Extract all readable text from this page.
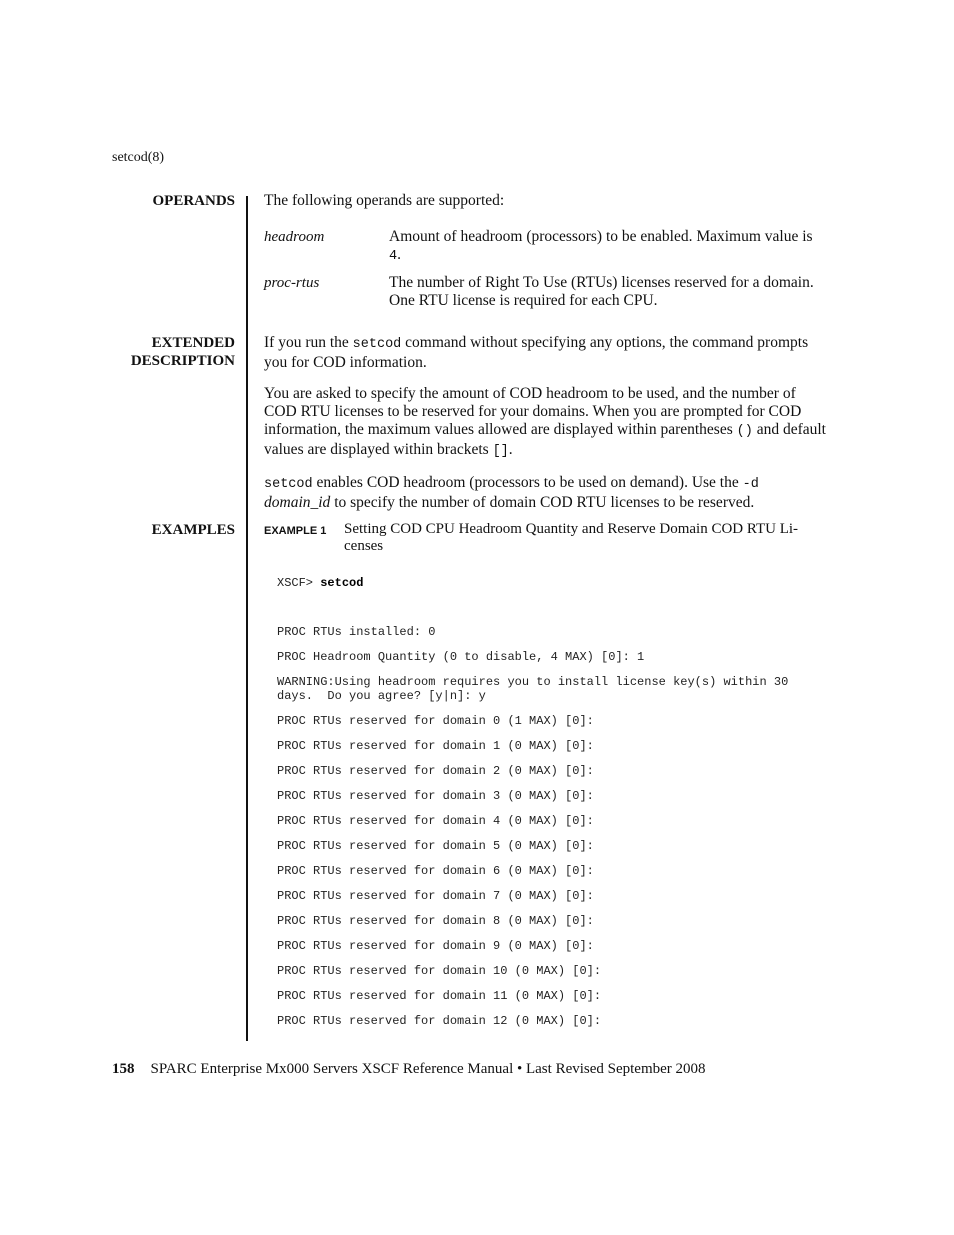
setcod(8)
OPERANDS The following operands are supported:
headroom	Amount of headroom (processors) to be enabled. Maximum value is 4.
proc-rtus	The number of Right To Use (RTUs) licenses reserved for a domain. One RTU license is required for each CPU.
EXTENDED
DESCRIPTION

If you run the setcod command without specifying any options, the command prompts you for COD information.

You are asked to specify the amount of COD headroom to be used, and the number of COD RTU licenses to be reserved for your domains. When you are prompted for COD information, the maximum values allowed are displayed within parentheses () and default values are displayed within brackets [].

setcod enables COD headroom (processors to be used on demand). Use the -d
domain_id to specify the number of domain COD RTU licenses to be reserved.

EXAMPLES	EXAMPLE 1 Setting COD CPU Headroom Quantity and Reserve Domain COD RTU Li-censes
XSCF> setcod
PROC RTUs installed: 0
PROC Headroom Quantity (0 to disable, 4 MAX) [0]: 1
WARNING:Using headroom requires you to install license key(s) within 30
days.  Do you agree? [y|n]: y
PROC RTUs reserved for domain 0 (1 MAX) [0]:
PROC RTUs reserved for domain 1 (0 MAX) [0]:
PROC RTUs reserved for domain 2 (0 MAX) [0]:
PROC RTUs reserved for domain 3 (0 MAX) [0]:
PROC RTUs reserved for domain 4 (0 MAX) [0]:
PROC RTUs reserved for domain 5 (0 MAX) [0]:
PROC RTUs reserved for domain 6 (0 MAX) [0]:
PROC RTUs reserved for domain 7 (0 MAX) [0]:
PROC RTUs reserved for domain 8 (0 MAX) [0]:
PROC RTUs reserved for domain 9 (0 MAX) [0]:
PROC RTUs reserved for domain 10 (0 MAX) [0]:
PROC RTUs reserved for domain 11 (0 MAX) [0]:
PROC RTUs reserved for domain 12 (0 MAX) [0]:
158 SPARC Enterprise Mx000 Servers XSCF Reference Manual • Last Revised September 2008
